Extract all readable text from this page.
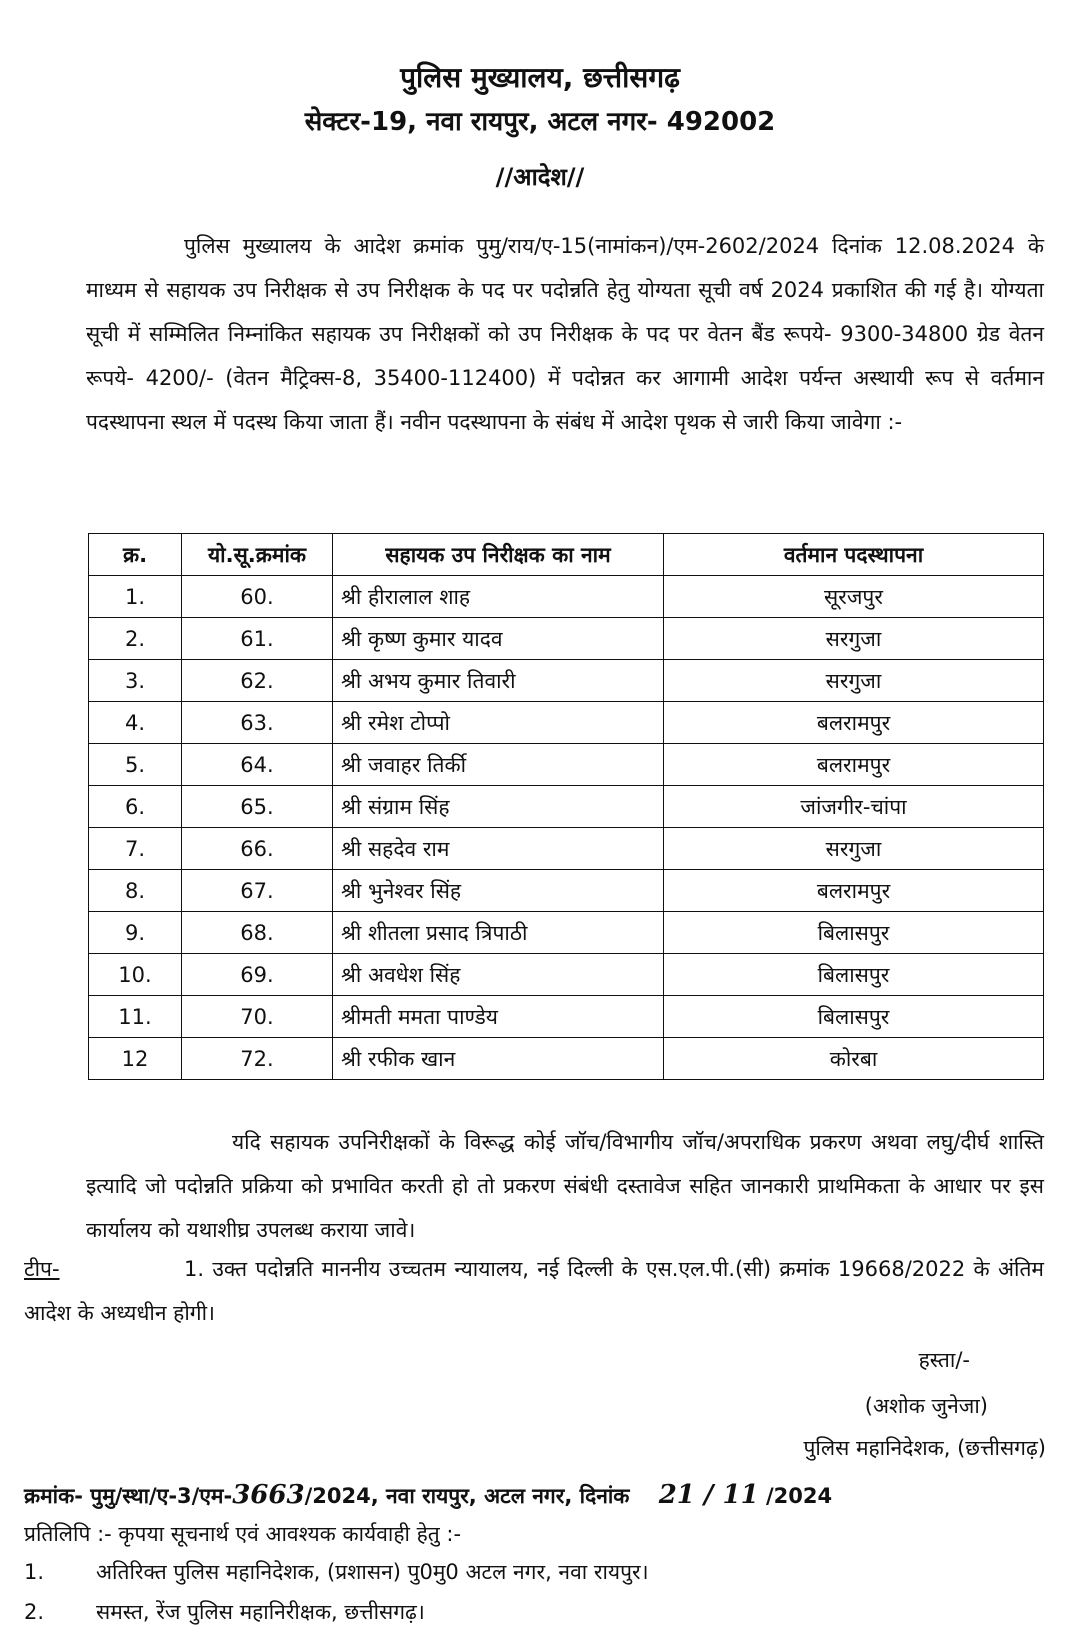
पुलिस मुख्यालय, छत्तीसगढ़
सेक्टर-19, नवा रायपुर, अटल नगर- 492002
//आदेश//
पुलिस मुख्यालय के आदेश क्रमांक पुमु/राय/ए-15(नामांकन)/एम-2602/2024 दिनांक 12.08.2024 के माध्यम से सहायक उप निरीक्षक से उप निरीक्षक के पद पर पदोन्नति हेतु योग्यता सूची वर्ष 2024 प्रकाशित की गई है। योग्यता सूची में सम्मिलित निम्नांकित सहायक उप निरीक्षकों को उप निरीक्षक के पद पर वेतन बैंड रूपये- 9300-34800 ग्रेड वेतन रूपये- 4200/- (वेतन मैट्रिक्स-8, 35400-112400) में पदोन्नत कर आगामी आदेश पर्यन्त अस्थायी रूप से वर्तमान पदस्थापना स्थल में पदस्थ किया जाता हैं। नवीन पदस्थापना के संबंध में आदेश पृथक से जारी किया जावेगा :-
क्र.	यो.सू.क्रमांक	सहायक उप निरीक्षक का नाम	वर्तमान पदस्थापना
1.	60.	श्री हीरालाल शाह	सूरजपुर
2.	61.	श्री कृष्ण कुमार यादव	सरगुजा
3.	62.	श्री अभय कुमार तिवारी	सरगुजा
4.	63.	श्री रमेश टोप्पो	बलरामपुर
5.	64.	श्री जवाहर तिर्की	बलरामपुर
6.	65.	श्री संग्राम सिंह	जांजगीर-चांपा
7.	66.	श्री सहदेव राम	सरगुजा
8.	67.	श्री भुनेश्वर सिंह	बलरामपुर
9.	68.	श्री शीतला प्रसाद त्रिपाठी	बिलासपुर
10.	69.	श्री अवधेश सिंह	बिलासपुर
11.	70.	श्रीमती ममता पाण्डेय	बिलासपुर
12	72.	श्री रफीक खान	कोरबा
यदि सहायक उपनिरीक्षकों के विरूद्ध कोई जॉच/विभागीय जॉच/अपराधिक प्रकरण अथवा लघु/दीर्घ शास्ति इत्यादि जो पदोन्नति प्रक्रिया को प्रभावित करती हो तो प्रकरण संबंधी दस्तावेज सहित जानकारी प्राथमिकता के आधार पर इस कार्यालय को यथाशीघ्र उपलब्ध कराया जावे।
टीप-	1. उक्त पदोन्नति माननीय उच्चतम न्यायालय, नई दिल्ली के एस.एल.पी.(सी) क्रमांक 19668/2022 के अंतिम आदेश के अध्यधीन होगी।
हस्ता/-
(अशोक जुनेजा)
पुलिस महानिदेशक, (छत्तीसगढ़)
क्रमांक- पुमु/स्था/ए-3/एम-3663/2024, नवा रायपुर, अटल नगर, दिनांक 21 / 11 /2024
प्रतिलिपि :- कृपया सूचनार्थ एवं आवश्यक कार्यवाही हेतु :-
1. अतिरिक्त पुलिस महानिदेशक, (प्रशासन) पु0मु0 अटल नगर, नवा रायपुर।
2. समस्त, रेंज पुलिस महानिरीक्षक, छत्तीसगढ़।
